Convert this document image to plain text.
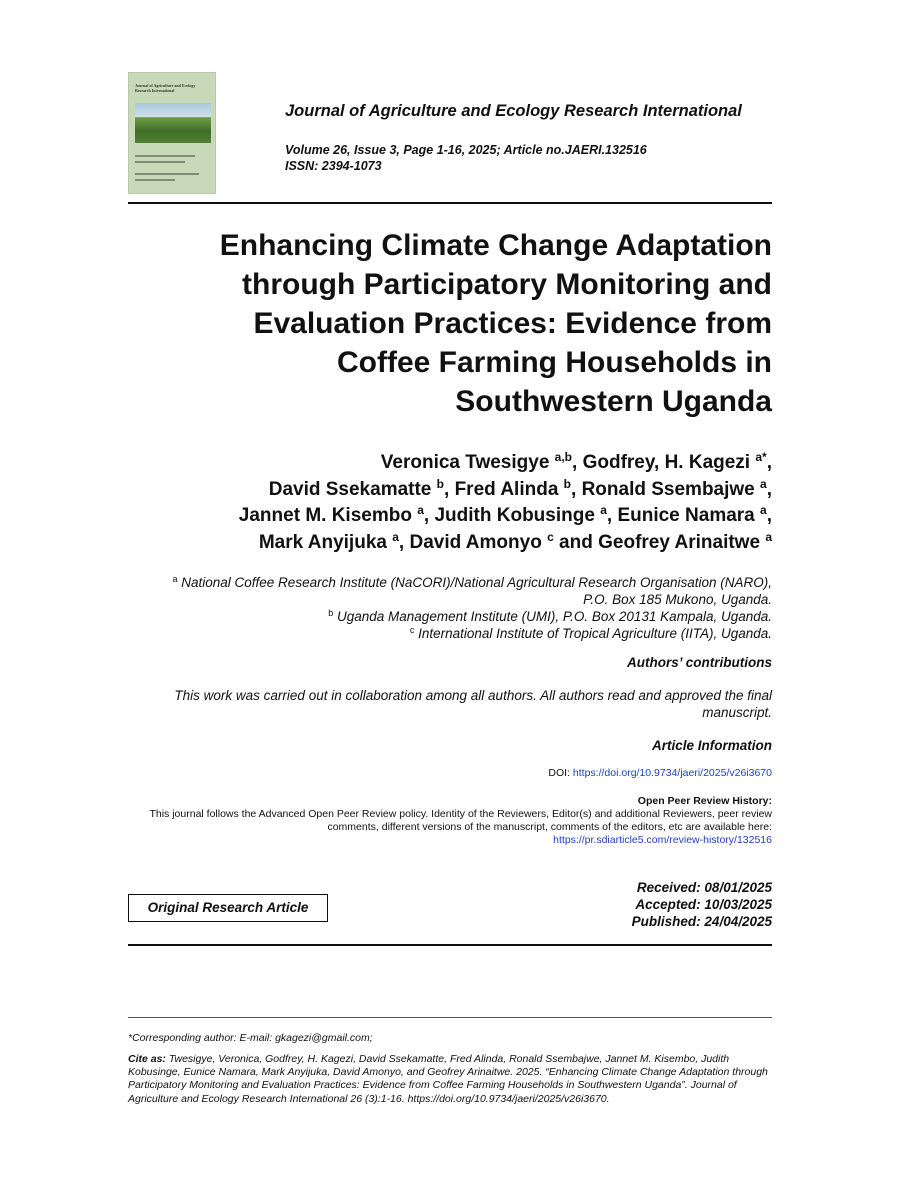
Journal of Agriculture and Ecology Research International
Journal of Agriculture and Ecology Research International
Volume 26, Issue 3, Page 1-16, 2025; Article no.JAERI.132516
ISSN: 2394-1073
Enhancing Climate Change Adaptation
through Participatory Monitoring and
Evaluation Practices: Evidence from
Coffee Farming Households in
Southwestern Uganda
Veronica Twesigye $^{a,b}$, Godfrey, H. Kagezi $^{a*}$,
David Ssekamatte $^b$, Fred Alinda $^b$, Ronald Ssembajwe $^a$,
Jannet M. Kisembo $^a$, Judith Kobusinge $^a$, Eunice Namara $^a$,
Mark Anyijuka $^a$, David Amonyo $^c$ and Geofrey Arinaitwe $^a$
$^a$ National Coffee Research Institute (NaCORI)/National Agricultural Research Organisation (NARO),
P.O. Box 185 Mukono, Uganda.
$^b$ Uganda Management Institute (UMI), P.O. Box 20131 Kampala, Uganda.
$^c$ International Institute of Tropical Agriculture (IITA), Uganda.
Authors’ contributions
This work was carried out in collaboration among all authors. All authors read and approved the final manuscript.
Article Information
DOI: https://doi.org/10.9734/jaeri/2025/v26i3670
Open Peer Review History:
This journal follows the Advanced Open Peer Review policy. Identity of the Reviewers, Editor(s) and additional Reviewers, peer review comments, different versions of the manuscript, comments of the editors, etc are available here:
https://pr.sdiarticle5.com/review-history/132516
Original Research Article
Received: 08/01/2025
Accepted: 10/03/2025
Published: 24/04/2025
*Corresponding author: E-mail: gkagezi@gmail.com;
Cite as: Twesigye, Veronica, Godfrey, H. Kagezi, David Ssekamatte, Fred Alinda, Ronald Ssembajwe, Jannet M. Kisembo, Judith Kobusinge, Eunice Namara, Mark Anyijuka, David Amonyo, and Geofrey Arinaitwe. 2025. “Enhancing Climate Change Adaptation through Participatory Monitoring and Evaluation Practices: Evidence from Coffee Farming Households in Southwestern Uganda”. Journal of Agriculture and Ecology Research International 26 (3):1-16. https://doi.org/10.9734/jaeri/2025/v26i3670.
